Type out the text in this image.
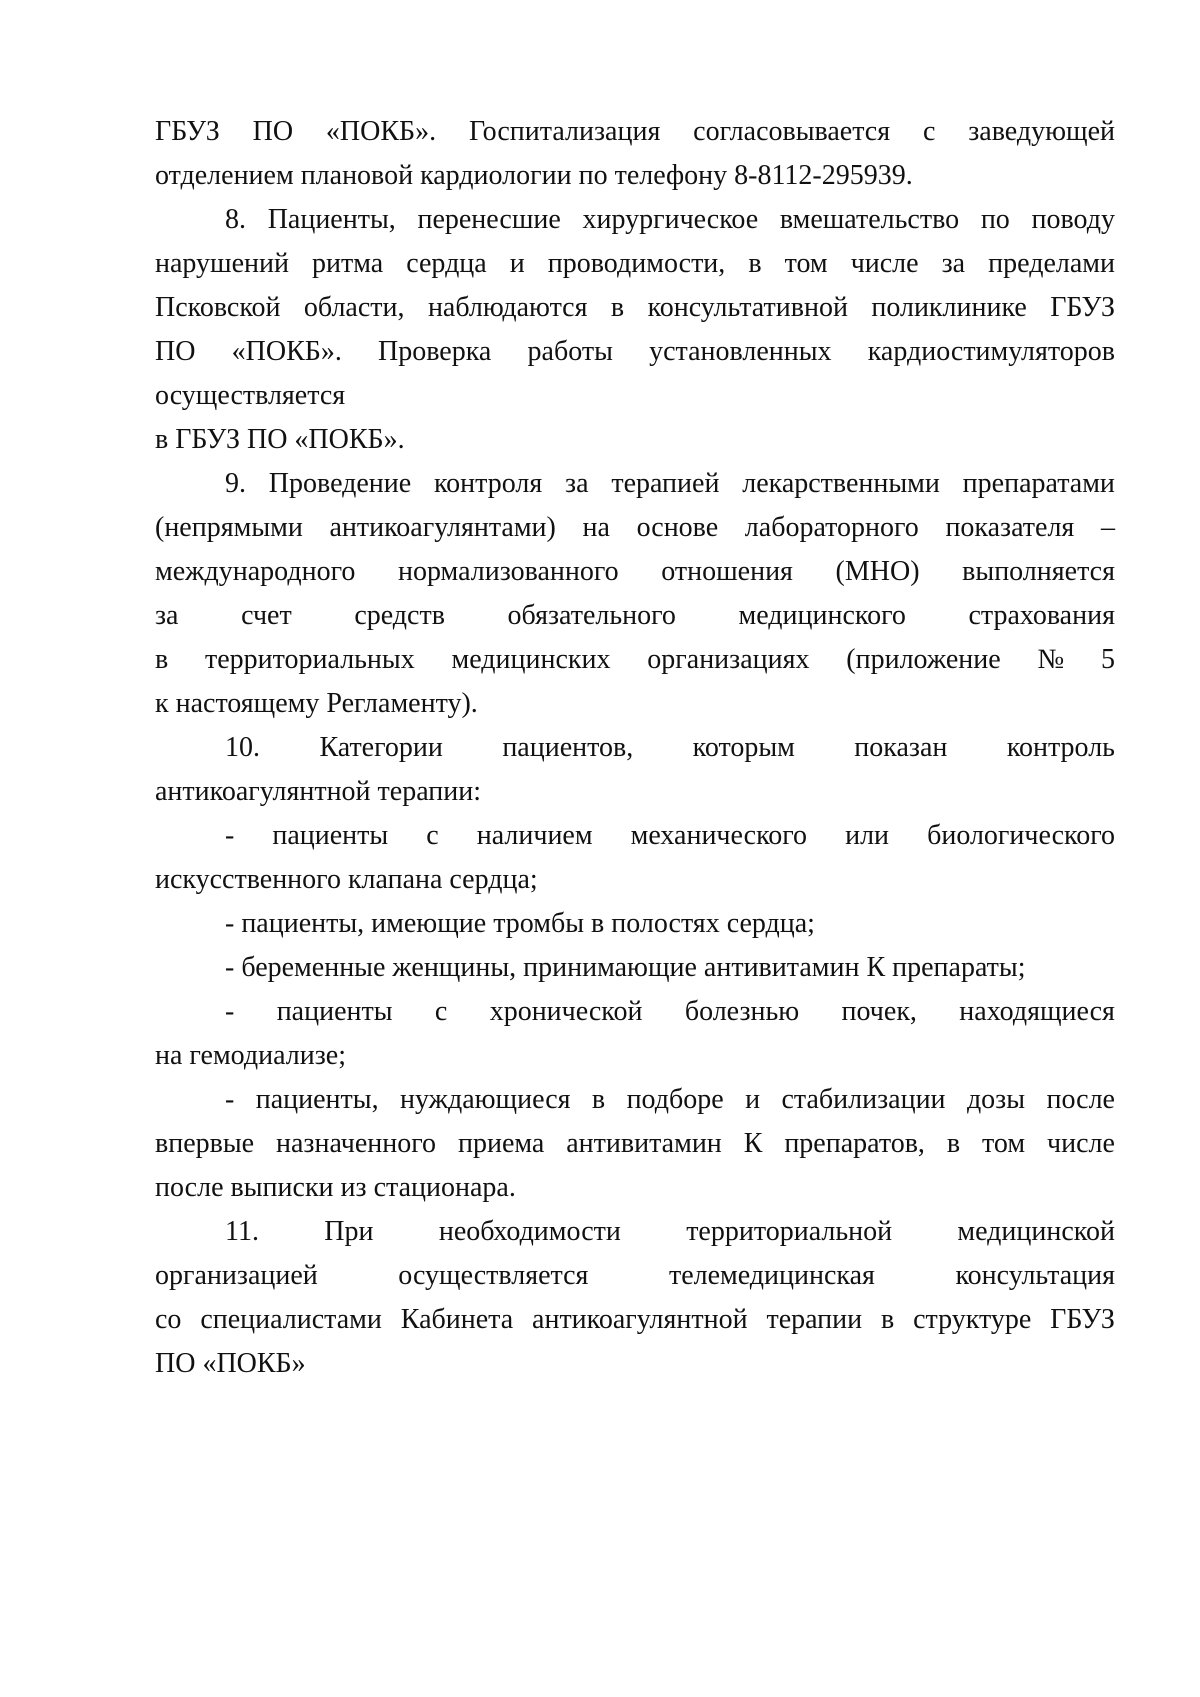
ГБУЗ ПО «ПОКБ». Госпитализация согласовывается с заведующей
отделением плановой кардиологии по телефону 8-8112-295939.
8. Пациенты, перенесшие хирургическое вмешательство по поводу
нарушений ритма сердца и проводимости, в том числе за пределами
Псковской области, наблюдаются в консультативной поликлинике ГБУЗ
ПО «ПОКБ». Проверка работы установленных кардиостимуляторов
осуществляется
в ГБУЗ ПО «ПОКБ».
9. Проведение контроля за терапией лекарственными препаратами
(непрямыми антикоагулянтами) на основе лабораторного показателя –
международного нормализованного отношения (МНО) выполняется
за счет средств обязательного медицинского страхования
в территориальных медицинских организациях (приложение № 5
к настоящему Регламенту).
10. Категории пациентов, которым показан контроль
антикоагулянтной терапии:
- пациенты с наличием механического или биологического
искусственного клапана сердца;
- пациенты, имеющие тромбы в полостях сердца;
- беременные женщины, принимающие антивитамин К препараты;
- пациенты с хронической болезнью почек, находящиеся
на гемодиализе;
- пациенты, нуждающиеся в подборе и стабилизации дозы после
впервые назначенного приема антивитамин К препаратов, в том числе
после выписки из стационара.
11. При необходимости территориальной медицинской
организацией	осуществляется	телемедицинская	консультация
со специалистами Кабинета антикоагулянтной терапии в структуре ГБУЗ
ПО «ПОКБ»
